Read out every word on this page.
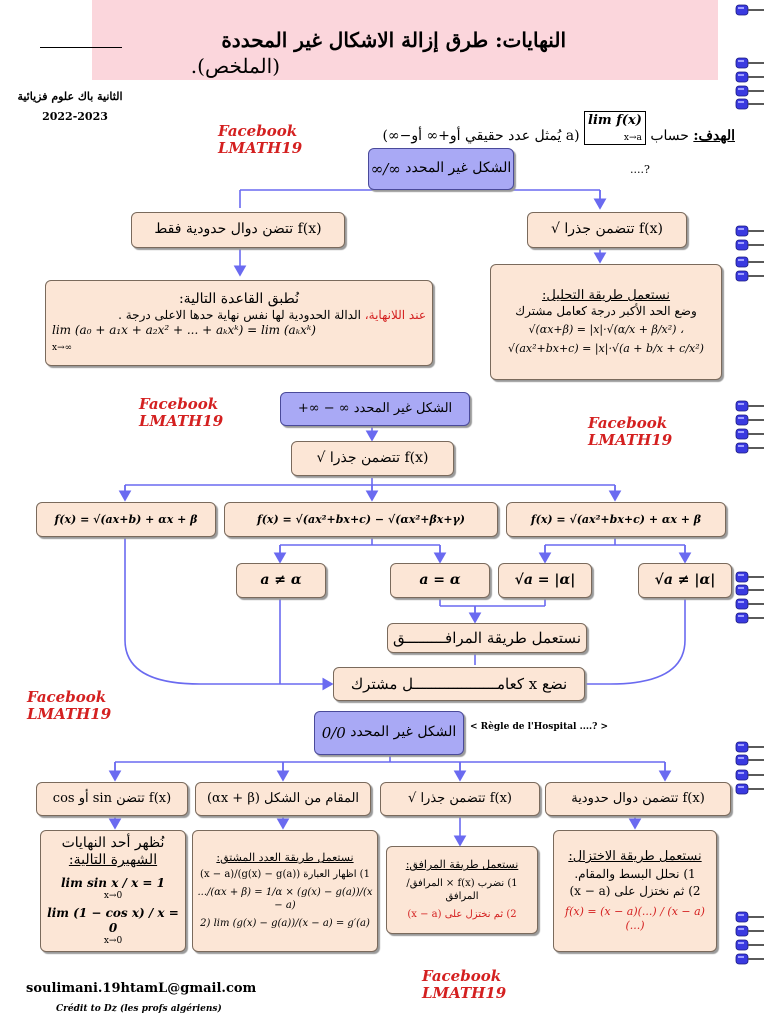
النهايات: طرق إزالة الاشكال غير المحددة
(الملخص).
الثانية باك علوم فزيائية
2022-2023
الهدف: حساب lim f(x)
x→a (a يُمثل عدد حقيقي أو+∞ أو−∞)
Facebook
LMATH19
Facebook
LMATH19	Facebook
LMATH19
Facebook
LMATH19
Facebook
LMATH19
الشكل غير المحدد

∞/∞	....?
f(x) تتضن دوال حدودية فقط	f(x) تتضمن جذرا √
نُطبق القاعدة التالية:
عند اللانهاية، الدالة الحدودية لها نفس نهاية حدها الاعلى درجة .
lim (a₀ + a₁x + a₂x² + ... + aₖxᵏ) = lim (aₖxᵏ)
x→∞
نستعمل طريقة التحليل:
وضع الحد الأكبر درجة كعامل مشترك
√(αx+β) = |x|·√(α/x + β/x²) ،
√(ax²+bx+c) = |x|·√(a + b/x + c/x²)
الشكل غير المحدد

+∞ − ∞
f(x) تتضمن جذرا √
f(x) = √(ax+b) + αx + β	f(x) = √(ax²+bx+c) − √(αx²+βx+γ)	f(x) = √(ax²+bx+c) + αx + β
a ≠ α	a = α	√a = |α|	√a ≠ |α|
نستعمل طريقة المرافـــــــــق
نضع x كعامـــــــــــــــــــل مشترك
الشكل غير المحدد

0/0	< Règle de l'Hospital ....? >
f(x) تتضن sin أو cos	المقام من الشكل (αx + β)	f(x) تتضمن جذرا √	f(x) تتضمن دوال حدودية
نُظهر أحد النهايات
الشهيرة التالية:
lim sin x / x = 1
x→0
lim (1 − cos x) / x = 0
x→0
نستعمل طريقة العدد المشتق:
1) اظهار العبارة (g(x) − g(a))/(x − a)
.../(αx + β) = 1/α × (g(x) − g(a))/(x − a)
2) lim (g(x) − g(a))/(x − a) = g′(a)
نستعمل طريقة المرافق:
1) نضرب f(x) × المرافق/المرافق
2) ثم نختزل على (x − a)
نستعمل طريقة الاختزال:
1) نحلل البسط والمقام.
2) ثم نختزل على (x − a)
f(x) = (x − a)(...) / (x − a)(...)
soulimani.19htamL@gmail.com
Crédit to Dz (les profs algériens)
